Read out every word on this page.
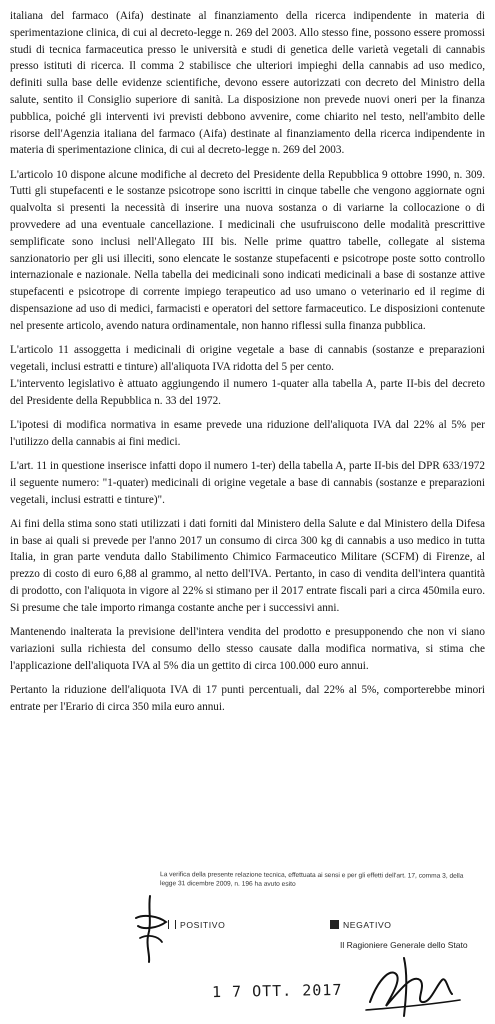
italiana del farmaco (Aifa) destinate al finanziamento della ricerca indipendente in materia di sperimentazione clinica, di cui al decreto-legge n. 269 del 2003. Allo stesso fine, possono essere promossi studi di tecnica farmaceutica presso le università e studi di genetica delle varietà vegetali di cannabis presso istituti di ricerca. Il comma 2 stabilisce che ulteriori impieghi della cannabis ad uso medico, definiti sulla base delle evidenze scientifiche, devono essere autorizzati con decreto del Ministro della salute, sentito il Consiglio superiore di sanità. La disposizione non prevede nuovi oneri per la finanza pubblica, poiché gli interventi ivi previsti debbono avvenire, come chiarito nel testo, nell'ambito delle risorse dell'Agenzia italiana del farmaco (Aifa) destinate al finanziamento della ricerca indipendente in materia di sperimentazione clinica, di cui al decreto-legge n. 269 del 2003.

L'articolo 10 dispone alcune modifiche al decreto del Presidente della Repubblica 9 ottobre 1990, n. 309. Tutti gli stupefacenti e le sostanze psicotrope sono iscritti in cinque tabelle che vengono aggiornate ogni qualvolta si presenti la necessità di inserire una nuova sostanza o di variarne la collocazione o di provvedere ad una eventuale cancellazione. I medicinali che usufruiscono delle modalità prescrittive semplificate sono inclusi nell'Allegato III bis. Nelle prime quattro tabelle, collegate al sistema sanzionatorio per gli usi illeciti, sono elencate le sostanze stupefacenti e psicotrope poste sotto controllo internazionale e nazionale. Nella tabella dei medicinali sono indicati medicinali a base di sostanze attive stupefacenti e psicotrope di corrente impiego terapeutico ad uso umano o veterinario ed il regime di dispensazione ad uso di medici, farmacisti e operatori del settore farmaceutico. Le disposizioni contenute nel presente articolo, avendo natura ordinamentale, non hanno riflessi sulla finanza pubblica.

L'articolo 11 assoggetta i medicinali di origine vegetale a base di cannabis (sostanze e preparazioni vegetali, inclusi estratti e tinture) all'aliquota IVA ridotta del 5 per cento.

L'intervento legislativo è attuato aggiungendo il numero 1-quater alla tabella A, parte II-bis del decreto del Presidente della Repubblica n. 33 del 1972.

L'ipotesi di modifica normativa in esame prevede una riduzione dell'aliquota IVA dal 22% al 5% per l'utilizzo della cannabis ai fini medici.

L'art. 11 in questione inserisce infatti dopo il numero 1-ter) della tabella A, parte II-bis del DPR 633/1972 il seguente numero: "1-quater) medicinali di origine vegetale a base di cannabis (sostanze e preparazioni vegetali, inclusi estratti e tinture)".

Ai fini della stima sono stati utilizzati i dati forniti dal Ministero della Salute e dal Ministero della Difesa in base ai quali si prevede per l'anno 2017 un consumo di circa 300 kg di cannabis a uso medico in tutta Italia, in gran parte venduta dallo Stabilimento Chimico Farmaceutico Militare (SCFM) di Firenze, al prezzo di costo di euro 6,88 al grammo, al netto dell'IVA. Pertanto, in caso di vendita dell'intera quantità di prodotto, con l'aliquota in vigore al 22% si stimano per il 2017 entrate fiscali pari a circa 450mila euro. Si presume che tale importo rimanga costante anche per i successivi anni.

Mantenendo inalterata la previsione dell'intera vendita del prodotto e presupponendo che non vi siano variazioni sulla richiesta del consumo dello stesso causate dalla modifica normativa, si stima che l'applicazione dell'aliquota IVA al 5% dia un gettito di circa 100.000 euro annui.

Pertanto la riduzione dell'aliquota IVA di 17 punti percentuali, dal 22% al 5%, comporterebbe minori entrate per l'Erario di circa 350 mila euro annui.

La verifica della presente relazione tecnica, effettuata ai sensi e per gli effetti dell'art. 17, comma 3, della legge 31 dicembre 2009, n. 196 ha avuto esito
POSITIVO	NEGATIVO
Il Ragioniere Generale dello Stato
1 7 OTT. 2017
